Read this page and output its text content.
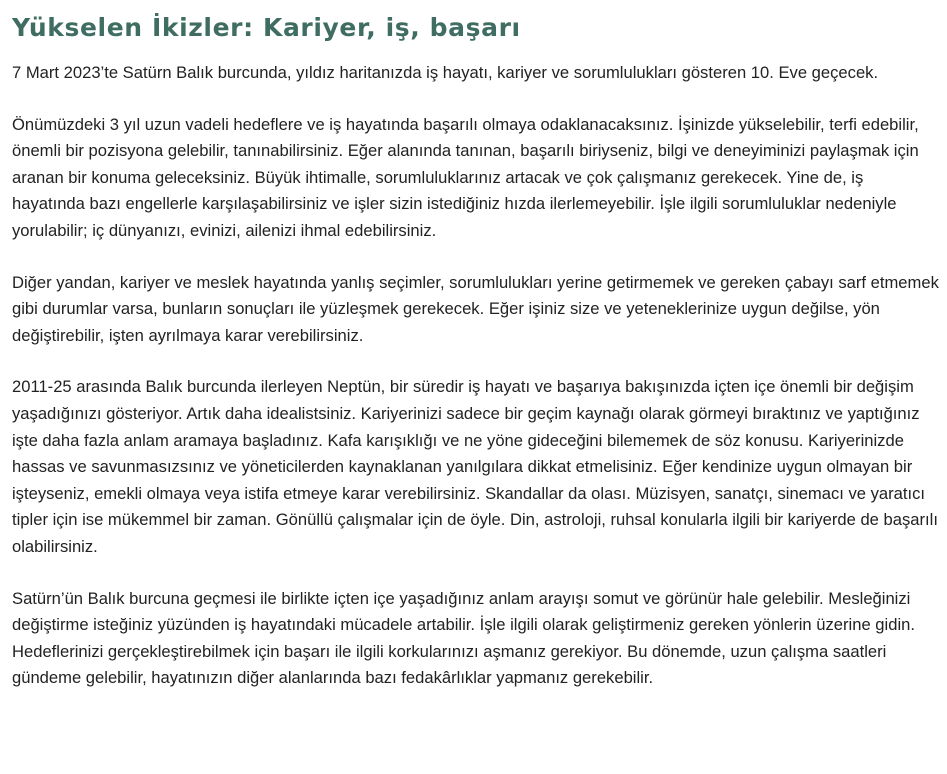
Yükselen İkizler: Kariyer, iş, başarı

7 Mart 2023’te Satürn Balık burcunda, yıldız haritanızda iş hayatı, kariyer ve sorumlulukları gösteren 10. Eve geçecek.

Önümüzdeki 3 yıl uzun vadeli hedeflere ve iş hayatında başarılı olmaya odaklanacaksınız. İşinizde yükselebilir, terfi edebilir, önemli bir pozisyona gelebilir, tanınabilirsiniz. Eğer alanında tanınan, başarılı biriyseniz, bilgi ve deneyiminizi paylaşmak için aranan bir konuma geleceksiniz. Büyük ihtimalle, sorumluluklarınız artacak ve çok çalışmanız gerekecek. Yine de, iş hayatında bazı engellerle karşılaşabilirsiniz ve işler sizin istediğiniz hızda ilerlemeyebilir. İşle ilgili sorumluluklar nedeniyle yorulabilir; iç dünyanızı, evinizi, ailenizi ihmal edebilirsiniz.

Diğer yandan, kariyer ve meslek hayatında yanlış seçimler, sorumlulukları yerine getirmemek ve gereken çabayı sarf etmemek gibi durumlar varsa, bunların sonuçları ile yüzleşmek gerekecek. Eğer işiniz size ve yeteneklerinize uygun değilse, yön değiştirebilir, işten ayrılmaya karar verebilirsiniz.

2011-25 arasında Balık burcunda ilerleyen Neptün, bir süredir iş hayatı ve başarıya bakışınızda içten içe önemli bir değişim yaşadığınızı gösteriyor. Artık daha idealistsiniz. Kariyerinizi sadece bir geçim kaynağı olarak görmeyi bıraktınız ve yaptığınız işte daha fazla anlam aramaya başladınız. Kafa karışıklığı ve ne yöne gideceğini bilememek de söz konusu. Kariyerinizde hassas ve savunmasızsınız ve yöneticilerden kaynaklanan yanılgılara dikkat etmelisiniz. Eğer kendinize uygun olmayan bir işteyseniz, emekli olmaya veya istifa etmeye karar verebilirsiniz. Skandallar da olası. Müzisyen, sanatçı, sinemacı ve yaratıcı tipler için ise mükemmel bir zaman. Gönüllü çalışmalar için de öyle. Din, astroloji, ruhsal konularla ilgili bir kariyerde de başarılı olabilirsiniz.

Satürn’ün Balık burcuna geçmesi ile birlikte içten içe yaşadığınız anlam arayışı somut ve görünür hale gelebilir. Mesleğinizi değiştirme isteğiniz yüzünden iş hayatındaki mücadele artabilir. İşle ilgili olarak geliştirmeniz gereken yönlerin üzerine gidin. Hedeflerinizi gerçekleştirebilmek için başarı ile ilgili korkularınızı aşmanız gerekiyor. Bu dönemde, uzun çalışma saatleri gündeme gelebilir, hayatınızın diğer alanlarında bazı fedakârlıklar yapmanız gerekebilir.
